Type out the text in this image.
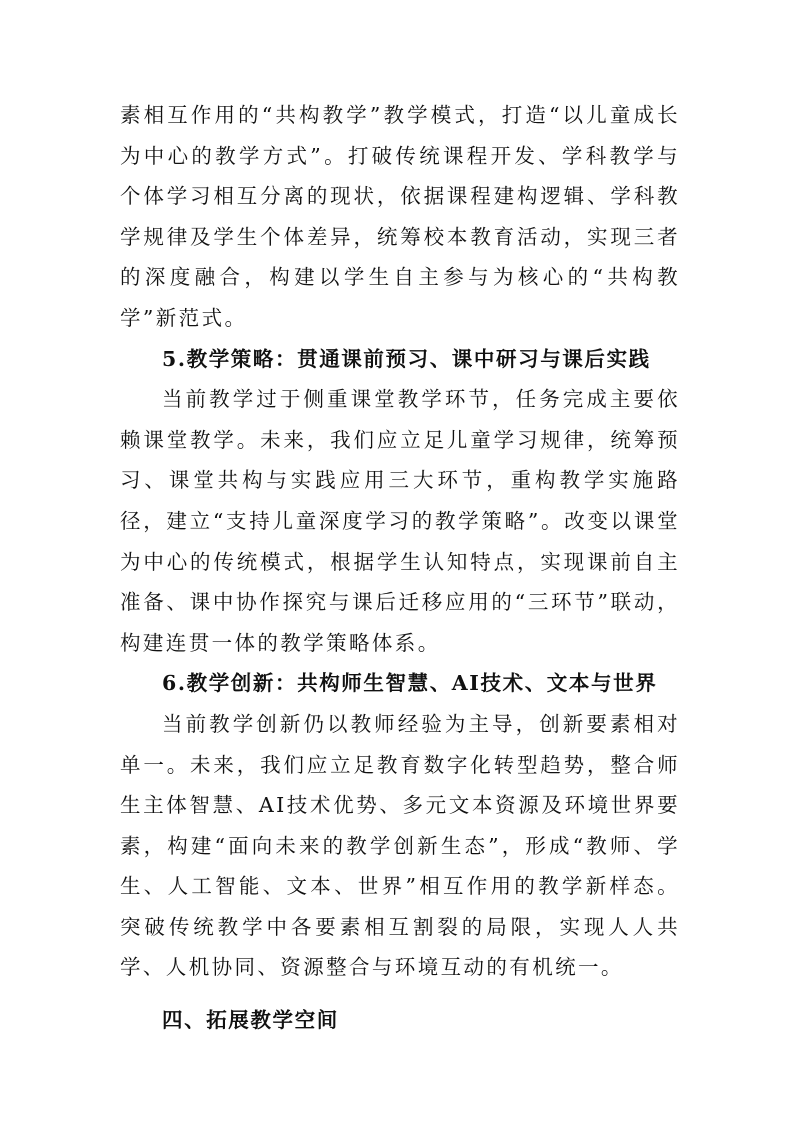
素相互作用的“共构教学”教学模式，打造“以儿童成长为中心的教学方式”。打破传统课程开发、学科教学与个体学习相互分离的现状，依据课程建构逻辑、学科教学规律及学生个体差异，统筹校本教育活动，实现三者的深度融合，构建以学生自主参与为核心的“共构教学”新范式。

5.教学策略：贯通课前预习、课中研习与课后实践

当前教学过于侧重课堂教学环节，任务完成主要依赖课堂教学。未来，我们应立足儿童学习规律，统筹预习、课堂共构与实践应用三大环节，重构教学实施路径，建立“支持儿童深度学习的教学策略”。改变以课堂为中心的传统模式，根据学生认知特点，实现课前自主准备、课中协作探究与课后迁移应用的“三环节”联动，构建连贯一体的教学策略体系。

6.教学创新：共构师生智慧、AI技术、文本与世界

当前教学创新仍以教师经验为主导，创新要素相对单一。未来，我们应立足教育数字化转型趋势，整合师生主体智慧、AI技术优势、多元文本资源及环境世界要素，构建“面向未来的教学创新生态”，形成“教师、学生、人工智能、文本、世界”相互作用的教学新样态。突破传统教学中各要素相互割裂的局限，实现人人共学、人机协同、资源整合与环境互动的有机统一。

四、拓展教学空间
